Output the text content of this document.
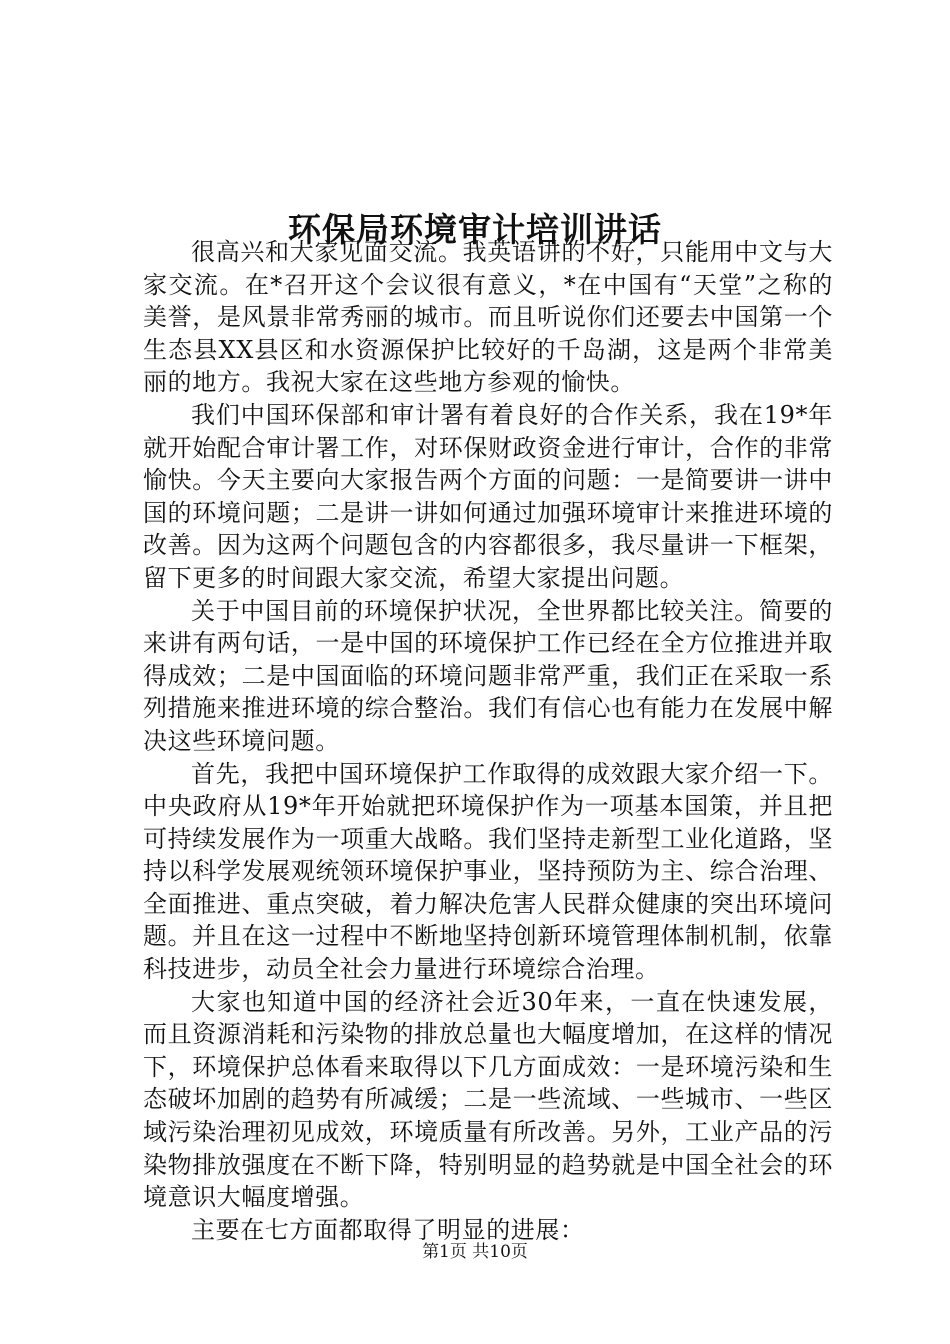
环保局环境审计培训讲话

很高兴和大家见面交流。我英语讲的不好，只能用中文与大家交流。在*召开这个会议很有意义，*在中国有“天堂”之称的美誉，是风景非常秀丽的城市。而且听说你们还要去中国第一个生态县XX县区和水资源保护比较好的千岛湖，这是两个非常美丽的地方。我祝大家在这些地方参观的愉快。

我们中国环保部和审计署有着良好的合作关系，我在19*年就开始配合审计署工作，对环保财政资金进行审计，合作的非常愉快。今天主要向大家报告两个方面的问题：一是简要讲一讲中国的环境问题；二是讲一讲如何通过加强环境审计来推进环境的改善。因为这两个问题包含的内容都很多，我尽量讲一下框架，留下更多的时间跟大家交流，希望大家提出问题。

关于中国目前的环境保护状况，全世界都比较关注。简要的来讲有两句话，一是中国的环境保护工作已经在全方位推进并取得成效；二是中国面临的环境问题非常严重，我们正在采取一系列措施来推进环境的综合整治。我们有信心也有能力在发展中解决这些环境问题。

首先，我把中国环境保护工作取得的成效跟大家介绍一下。中央政府从19*年开始就把环境保护作为一项基本国策，并且把可持续发展作为一项重大战略。我们坚持走新型工业化道路，坚持以科学发展观统领环境保护事业，坚持预防为主、综合治理、全面推进、重点突破，着力解决危害人民群众健康的突出环境问题。并且在这一过程中不断地坚持创新环境管理体制机制，依靠科技进步，动员全社会力量进行环境综合治理。

大家也知道中国的经济社会近30年来，一直在快速发展，而且资源消耗和污染物的排放总量也大幅度增加，在这样的情况下，环境保护总体看来取得以下几方面成效：一是环境污染和生态破坏加剧的趋势有所减缓；二是一些流域、一些城市、一些区域污染治理初见成效，环境质量有所改善。另外，工业产品的污染物排放强度在不断下降，特别明显的趋势就是中国全社会的环境意识大幅度增强。

主要在七方面都取得了明显的进展：

第1页 共10页
